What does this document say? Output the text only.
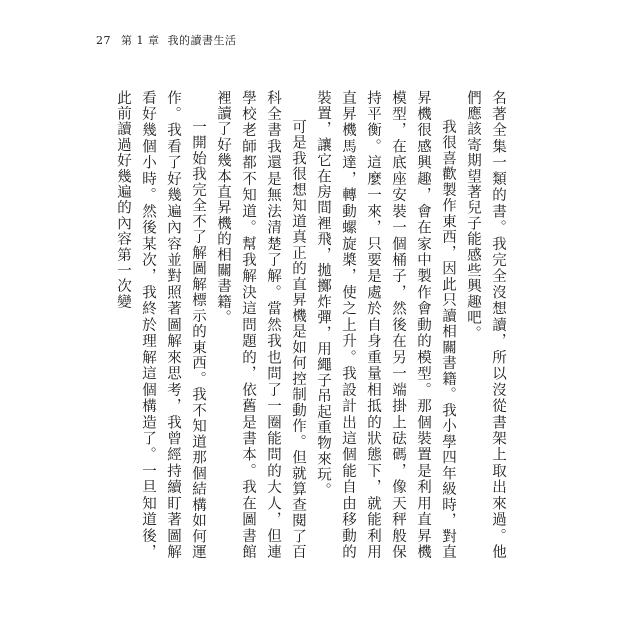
27 第 1 章 我的讀書生活

名著全集一類的書。我完全沒想讀，所以沒從書架上取出來過。他們應該寄期望著兒子能感些興趣吧。

我很喜歡製作東西，因此只讀相關書籍。我小學四年級時，對直昇機很感興趣，會在家中製作會動的模型。那個裝置是利用直昇機模型，在底座安裝一個桶子，然後在另一端掛上砝碼，像天秤般保持平衡。這麼一來，只要是處於自身重量相抵的狀態下，就能利用直昇機馬達，轉動螺旋槳，使之上升。我設計出這個能自由移動的裝置，讓它在房間裡飛，拋擲炸彈，用繩子吊起重物來玩。

可是我很想知道真正的直昇機是如何控制動作。但就算查閱了百科全書我還是無法清楚了解。當然我也問了一圈能問的大人，但連學校老師都不知道。幫我解決這問題的，依舊是書本。我在圖書館裡讀了好幾本直昇機的相關書籍。

一開始我完全不了解圖解標示的東西。我不知道那個結構如何運作。我看了好幾遍內容並對照著圖解來思考，我曾經持續盯著圖解看好幾個小時。然後某次，我終於理解這個構造了。一旦知道後，此前讀過好幾遍的內容第一次變
